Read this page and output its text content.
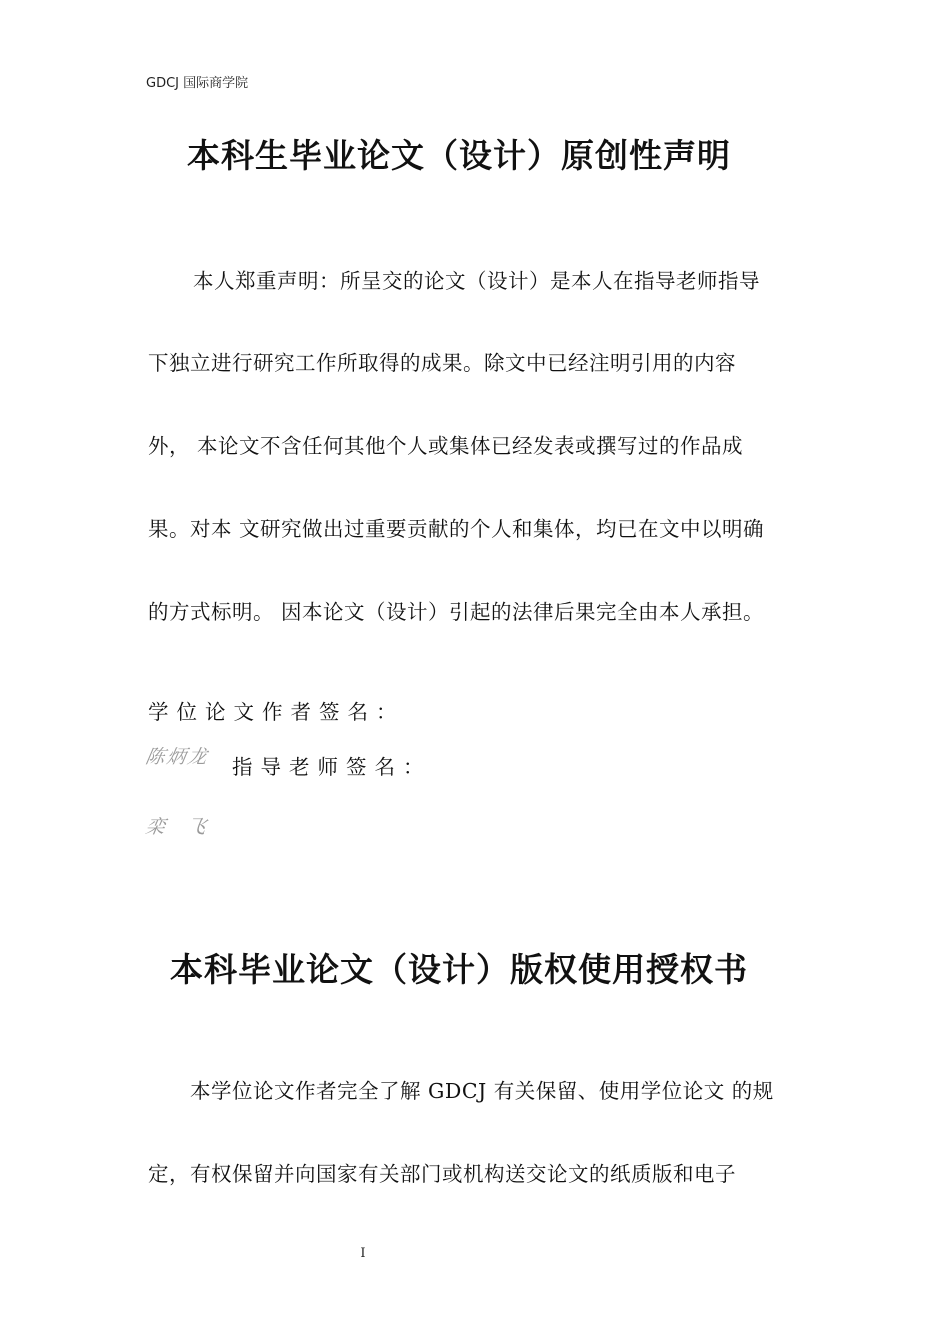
GDCJ 国际商学院
本科生毕业论文（设计）原创性声明
本人郑重声明：所呈交的论文（设计）是本人在指导老师指导
下独立进行研究工作所取得的成果。除文中已经注明引用的内容
外， 本论文不含任何其他个人或集体已经发表或撰写过的作品成
果。对本 文研究做出过重要贡献的个人和集体，均已在文中以明确
的方式标明。 因本论文（设计）引起的法律后果完全由本人承担。
学位论文作者签名：
陈炳龙 指导老师签名：
栾 飞
本科毕业论文（设计）版权使用授权书
本学位论文作者完全了解 GDCJ 有关保留、使用学位论文 的规
定，有权保留并向国家有关部门或机构送交论文的纸质版和电子
I
